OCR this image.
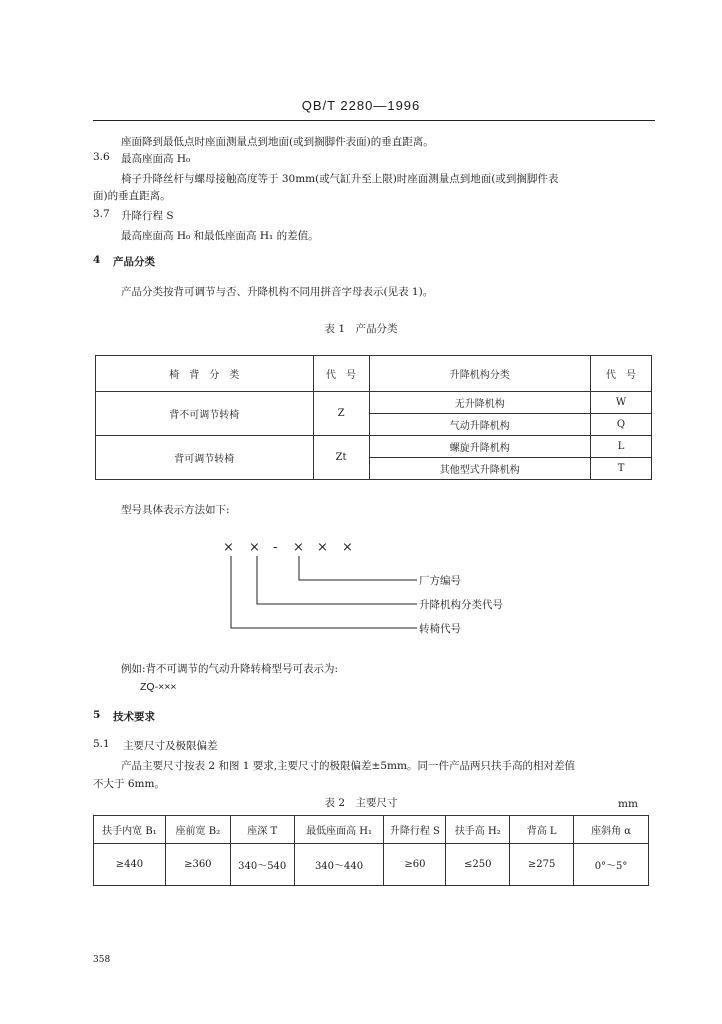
QB/T 2280—1996
座面降到最低点时座面测量点到地面(或到搁脚件表面)的垂直距离。
3.6 最高座面高 H₀
椅子升降丝杆与螺母接触高度等于 30mm(或气缸升至上限)时座面测量点到地面(或到搁脚件表
面)的垂直距离。
3.7 升降行程 S
最高座面高 H₀ 和最低座面高 H₁ 的差值。
4 产品分类
产品分类按背可调节与否、升降机构不同用拼音字母表示(见表 1)。
表 1　产品分类
椅　背　分　类	代　号	升降机构分类	代　号
背不可调节转椅	Z	无升降机构	W
		气动升降机构	Q
背可调节转椅	Zt	螺旋升降机构	L
		其他型式升降机构	T
型号具体表示方法如下:
× × - × × ×
厂方编号
升降机构分类代号
转椅代号
例如:背不可调节的气动升降转椅型号可表示为:
ZQ-×××
5 技术要求
5.1 主要尺寸及极限偏差
产品主要尺寸按表 2 和图 1 要求,主要尺寸的极限偏差±5mm。同一件产品两只扶手高的相对差值
不大于 6mm。
表 2　主要尺寸	mm
扶手内宽 B₁	座前宽 B₂	座深 T	最低座面高 H₁	升降行程 S	扶手高 H₂	背高 L	座斜角 α
≥440	≥360	340～540	340～440	≥60	≤250	≥275	0°～5°
358
